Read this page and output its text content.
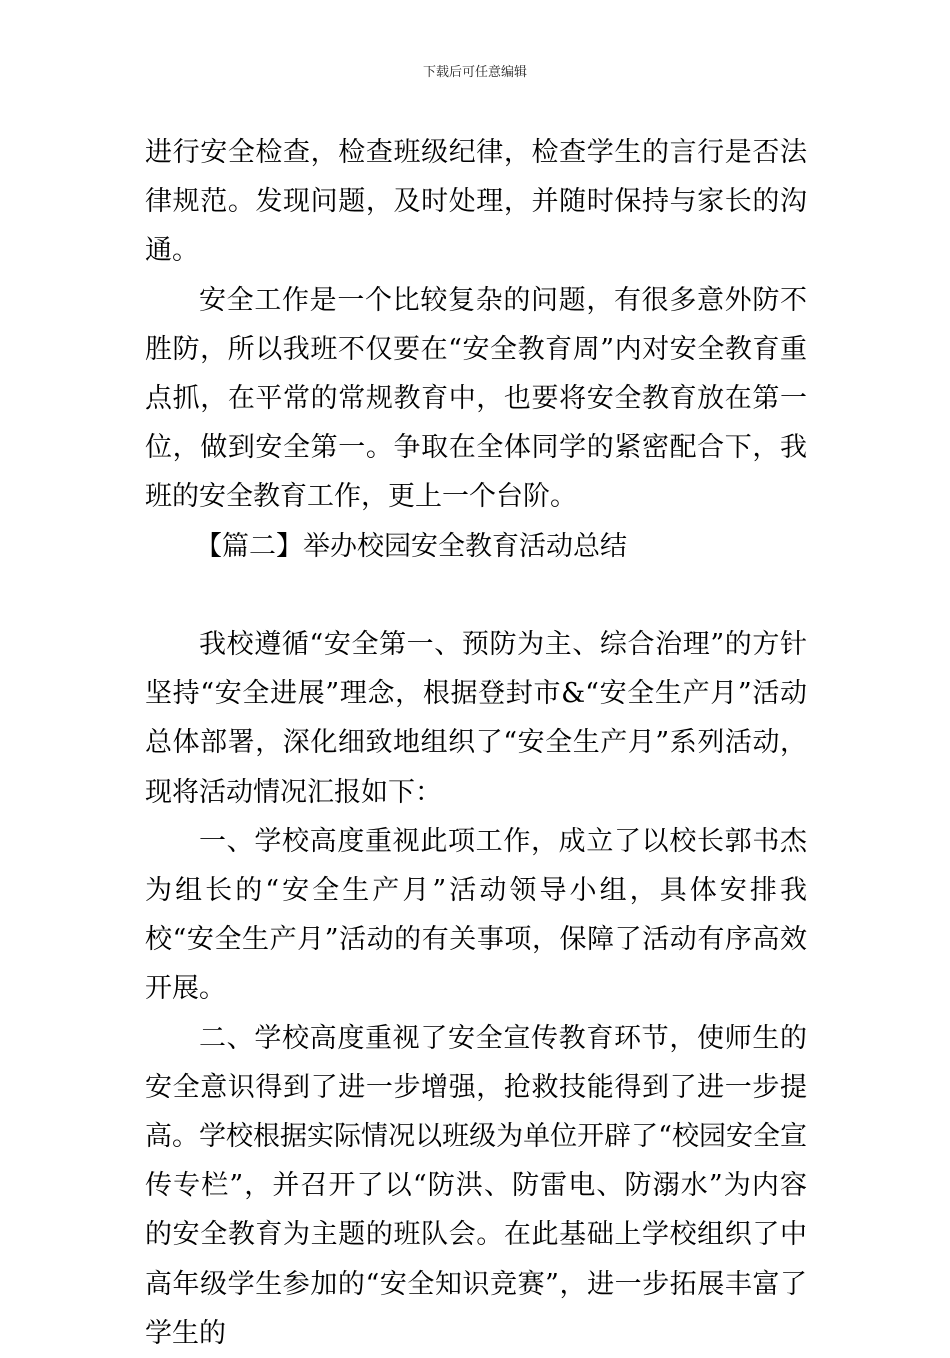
下载后可任意编辑

进行安全检查，检查班级纪律，检查学生的言行是否法律规范。发现问题，及时处理，并随时保持与家长的沟通。

安全工作是一个比较复杂的问题，有很多意外防不胜防，所以我班不仅要在“安全教育周”内对安全教育重点抓，在平常的常规教育中，也要将安全教育放在第一位，做到安全第一。争取在全体同学的紧密配合下，我班的安全教育工作，更上一个台阶。

【篇二】举办校园安全教育活动总结

我校遵循“安全第一、预防为主、综合治理”的方针坚持“安全进展”理念，根据登封市&“安全生产月”活动总体部署，深化细致地组织了“安全生产月”系列活动，现将活动情况汇报如下：

一、学校高度重视此项工作，成立了以校长郭书杰为组长的“安全生产月”活动领导小组，具体安排我校“安全生产月”活动的有关事项，保障了活动有序高效开展。

二、学校高度重视了安全宣传教育环节，使师生的安全意识得到了进一步增强，抢救技能得到了进一步提高。学校根据实际情况以班级为单位开辟了“校园安全宣传专栏”，并召开了以“防洪、防雷电、防溺水”为内容的安全教育为主题的班队会。在此基础上学校组织了中高年级学生参加的“安全知识竞赛”，进一步拓展丰富了学生的
